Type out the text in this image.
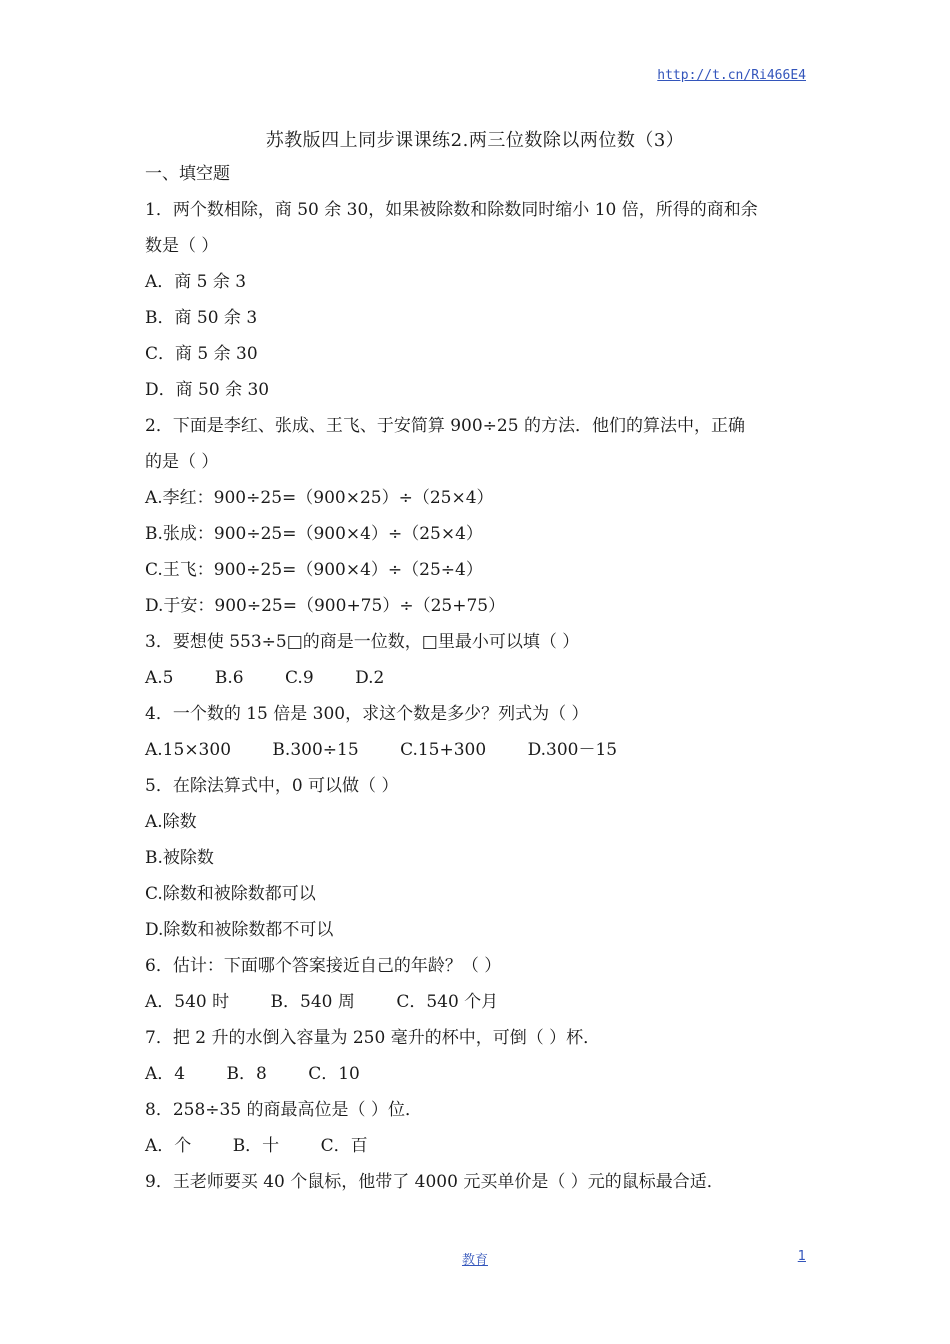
http://t.cn/Ri466E4
苏教版四上同步课课练2.两三位数除以两位数（3）
一、填空题
1．两个数相除，商 50 余 30，如果被除数和除数同时缩小 10 倍，所得的商和余
数是（ ）
A．商 5 余 3
B．商 50 余 3
C．商 5 余 30
D．商 50 余 30
2．下面是李红、张成、王飞、于安简算 900÷25 的方法．他们的算法中，正确
的是（ ）
A.李红：900÷25=（900×25）÷（25×4）
B.张成：900÷25=（900×4）÷（25×4）
C.王飞：900÷25=（900×4）÷（25÷4）
D.于安：900÷25=（900+75）÷（25+75）
3．要想使 553÷5□的商是一位数，□里最小可以填（ ）
A.5 B.6 C.9 D.2
4．一个数的 15 倍是 300，求这个数是多少？列式为（ ）
A.15×300 B.300÷15 C.15+300 D.300－15
5．在除法算式中，0 可以做（ ）
A.除数
B.被除数
C.除数和被除数都可以
D.除数和被除数都不可以
6．估计：下面哪个答案接近自己的年龄？（ ）
A．540 时 B．540 周 C．540 个月
7．把 2 升的水倒入容量为 250 毫升的杯中，可倒（ ）杯．
A．4 B．8 C．10
8．258÷35 的商最高位是（ ）位．
A．个 B．十 C．百
9．王老师要买 40 个鼠标，他带了 4000 元买单价是（ ）元的鼠标最合适．
教育	1
